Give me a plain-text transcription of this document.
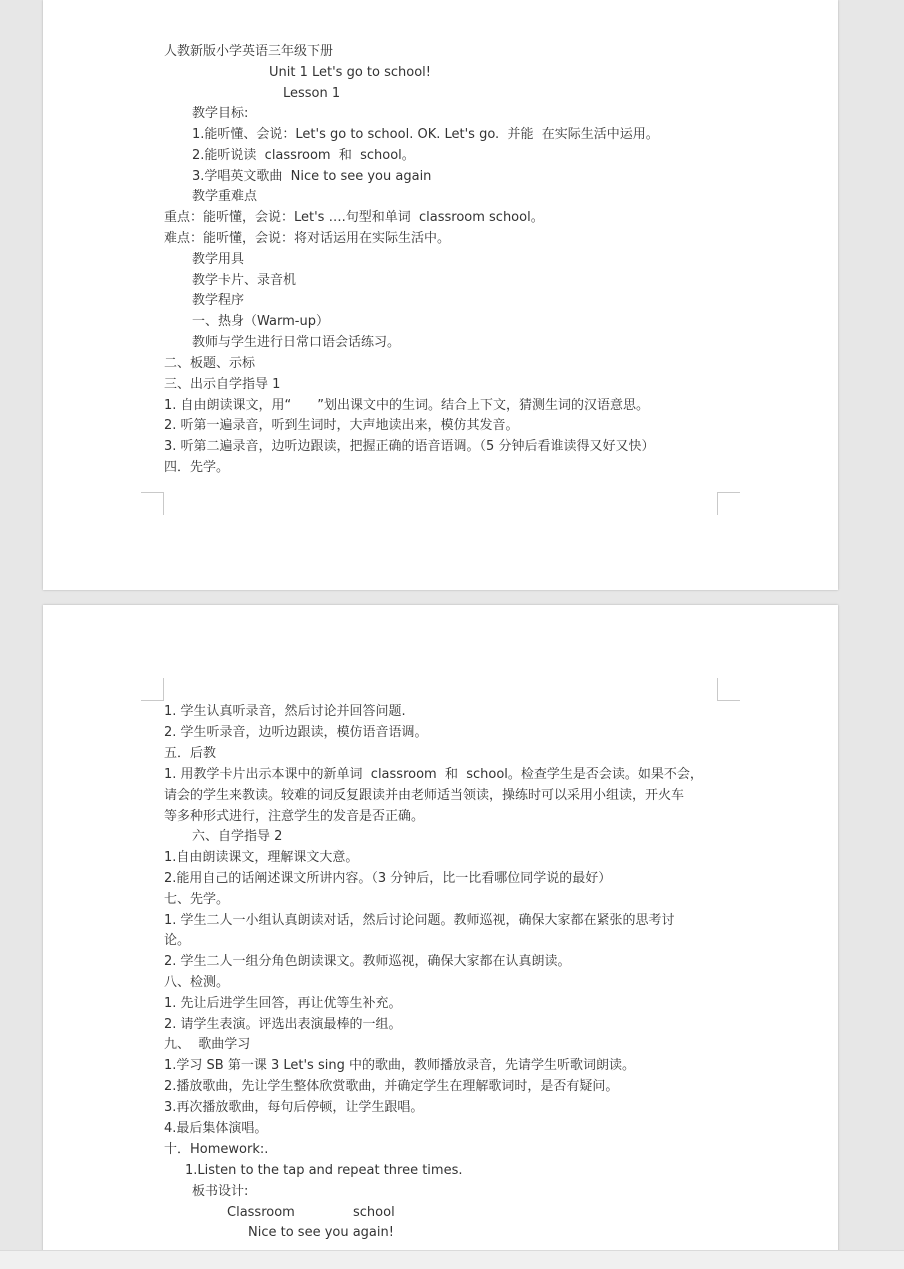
人教新版小学英语三年级下册
Unit 1 Let's go to school!
Lesson 1
教学目标:
1.能听懂、会说：Let's go to school. OK. Let's go.  并能  在实际生活中运用。
2.能听说读  classroom  和  school。
3.学唱英文歌曲  Nice to see you again
教学重难点
重点：能听懂，会说：Let's ….句型和单词  classroom school。
难点：能听懂，会说：将对话运用在实际生活中。
教学用具
教学卡片、录音机
教学程序
一、热身（Warm-up）
教师与学生进行日常口语会话练习。
二、板题、示标
三、出示自学指导 1
1. 自由朗读课文，用“　　”划出课文中的生词。结合上下文，猜测生词的汉语意思。
2. 听第一遍录音，听到生词时，大声地读出来，模仿其发音。
3. 听第二遍录音，边听边跟读，把握正确的语音语调。（5 分钟后看谁读得又好又快）
四．先学。
1. 学生认真听录音，然后讨论并回答问题.
2. 学生听录音，边听边跟读，模仿语音语调。
五．后教
1. 用教学卡片出示本课中的新单词  classroom  和  school。检查学生是否会读。如果不会，
请会的学生来教读。较难的词反复跟读并由老师适当领读，操练时可以采用小组读，开火车
等多种形式进行，注意学生的发音是否正确。
六、自学指导 2
1.自由朗读课文，理解课文大意。
2.能用自己的话阐述课文所讲内容。（3 分钟后，比一比看哪位同学说的最好）
七、先学。
1. 学生二人一小组认真朗读对话，然后讨论问题。教师巡视，确保大家都在紧张的思考讨
论。
2. 学生二人一组分角色朗读课文。教师巡视，确保大家都在认真朗读。
八、检测。
1. 先让后进学生回答，再让优等生补充。
2. 请学生表演。评选出表演最棒的一组。
九、  歌曲学习
1.学习 SB 第一课 3 Let's sing 中的歌曲，教师播放录音，先请学生听歌词朗读。
2.播放歌曲，先让学生整体欣赏歌曲，并确定学生在理解歌词时，是否有疑问。
3.再次播放歌曲，每句后停顿，让学生跟唱。
4.最后集体演唱。
十．Homework:.
1.Listen to the tap and repeat three times.
板书设计:
Classroom	school
Nice to see you again!
